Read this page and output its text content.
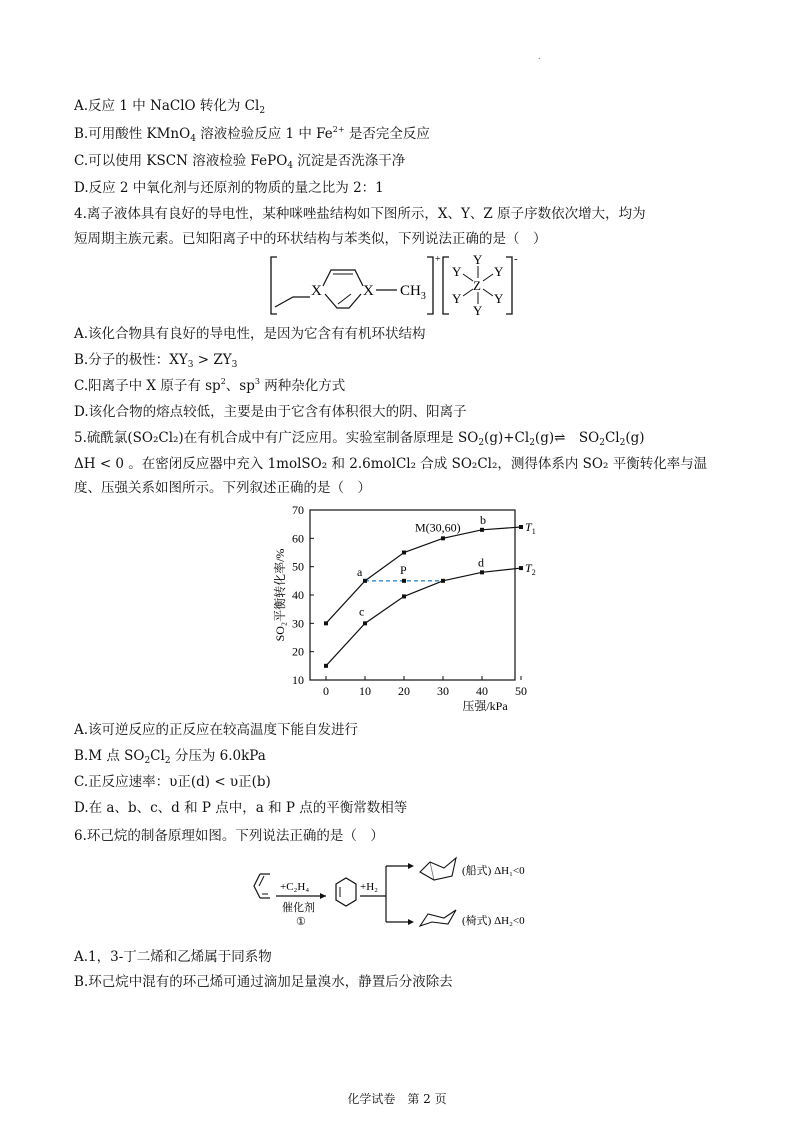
.
A.反应 1 中 NaClO 转化为 $Cl_2$
B.可用酸性 KMnO$_4$ 溶液检验反应 1 中 $Fe^{2+}$ 是否完全反应
C.可以使用 KSCN 溶液检验 FePO$_4$ 沉淀是否洗涤干净
D.反应 2 中氧化剂与还原剂的物质的量之比为 2：1
4.离子液体具有良好的导电性，某种咪唑盐结构如下图所示，X、Y、Z 原子序数依次增大，均为
短周期主族元素。已知阳离子中的环状结构与苯类似，下列说法正确的是（　）
X	X $CH_3$
+	-
Y
Y	Y
Z
Y	Y
Y
A.该化合物具有良好的导电性，是因为它含有有机环状结构
B.分子的极性：$XY_3 > ZY_3$
C.阳离子中 X 原子有 $sp^2$、$sp^3$ 两种杂化方式
D.该化合物的熔点较低，主要是由于它含有体积很大的阴、阳离子
5.硫酰氯(SO₂Cl₂)在有机合成中有广泛应用。实验室制备原理是 $SO_2(g)+Cl_2(g)\rightleftharpoons$　$SO_2Cl_2(g)$
ΔH < 0 。在密闭反应器中充入 1molSO₂ 和 2.6molCl₂ 合成 SO₂Cl₂，测得体系内 SO₂ 平衡转化率与温
度、压强关系如图所示。下列叙述正确的是（　）
10
20
30
40
50
60
70
0	10 20 30 40 50
压强/kPa
SO₂平衡转化率/%
$T_1$
$T_2$
a
b
c
d
P
M(30,60)
A.该可逆反应的正反应在较高温度下能自发进行
B.M 点 $SO_2Cl_2$ 分压为 6.0kPa
C.正反应速率：υ正(d) < υ正(b)
D.在 a、b、c、d 和 P 点中，a 和 P 点的平衡常数相等
6.环己烷的制备原理如图。下列说法正确的是（　）
+C₂H₄
催化剂
①
+H₂
(船式) ΔH₁<0
(椅式) ΔH₂<0
A.1，3-丁二烯和乙烯属于同系物
B.环己烷中混有的环己烯可通过滴加足量溴水，静置后分液除去
化学试卷　第 2 页
